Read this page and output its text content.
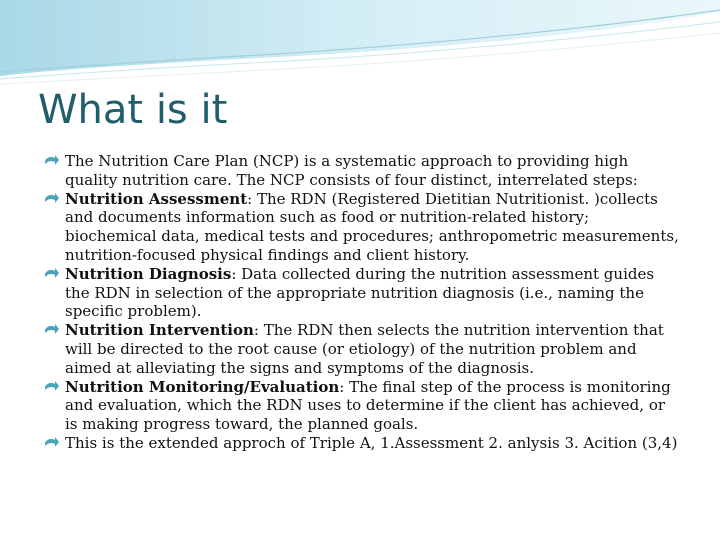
What is it
The Nutrition Care Plan (NCP) is a systematic approach to providing high quality nutrition care. The NCP consists of four distinct, interrelated steps:
Nutrition Assessment: The RDN (Registered Dietitian Nutritionist. )collects and documents information such as food or nutrition-related history; biochemical data, medical tests and procedures; anthropometric measurements, nutrition-focused physical findings and client history.
Nutrition Diagnosis: Data collected during the nutrition assessment guides the RDN in selection of the appropriate nutrition diagnosis (i.e., naming the specific problem).
Nutrition Intervention: The RDN then selects the nutrition intervention that will be directed to the root cause (or etiology) of the nutrition problem and aimed at alleviating the signs and symptoms of the diagnosis.
Nutrition Monitoring/Evaluation: The final step of the process is monitoring and evaluation, which the RDN uses to determine if the client has achieved, or is making progress toward, the planned goals.
This is the extended approch of Triple A, 1.Assessment 2. anlysis 3. Acition (3,4)
